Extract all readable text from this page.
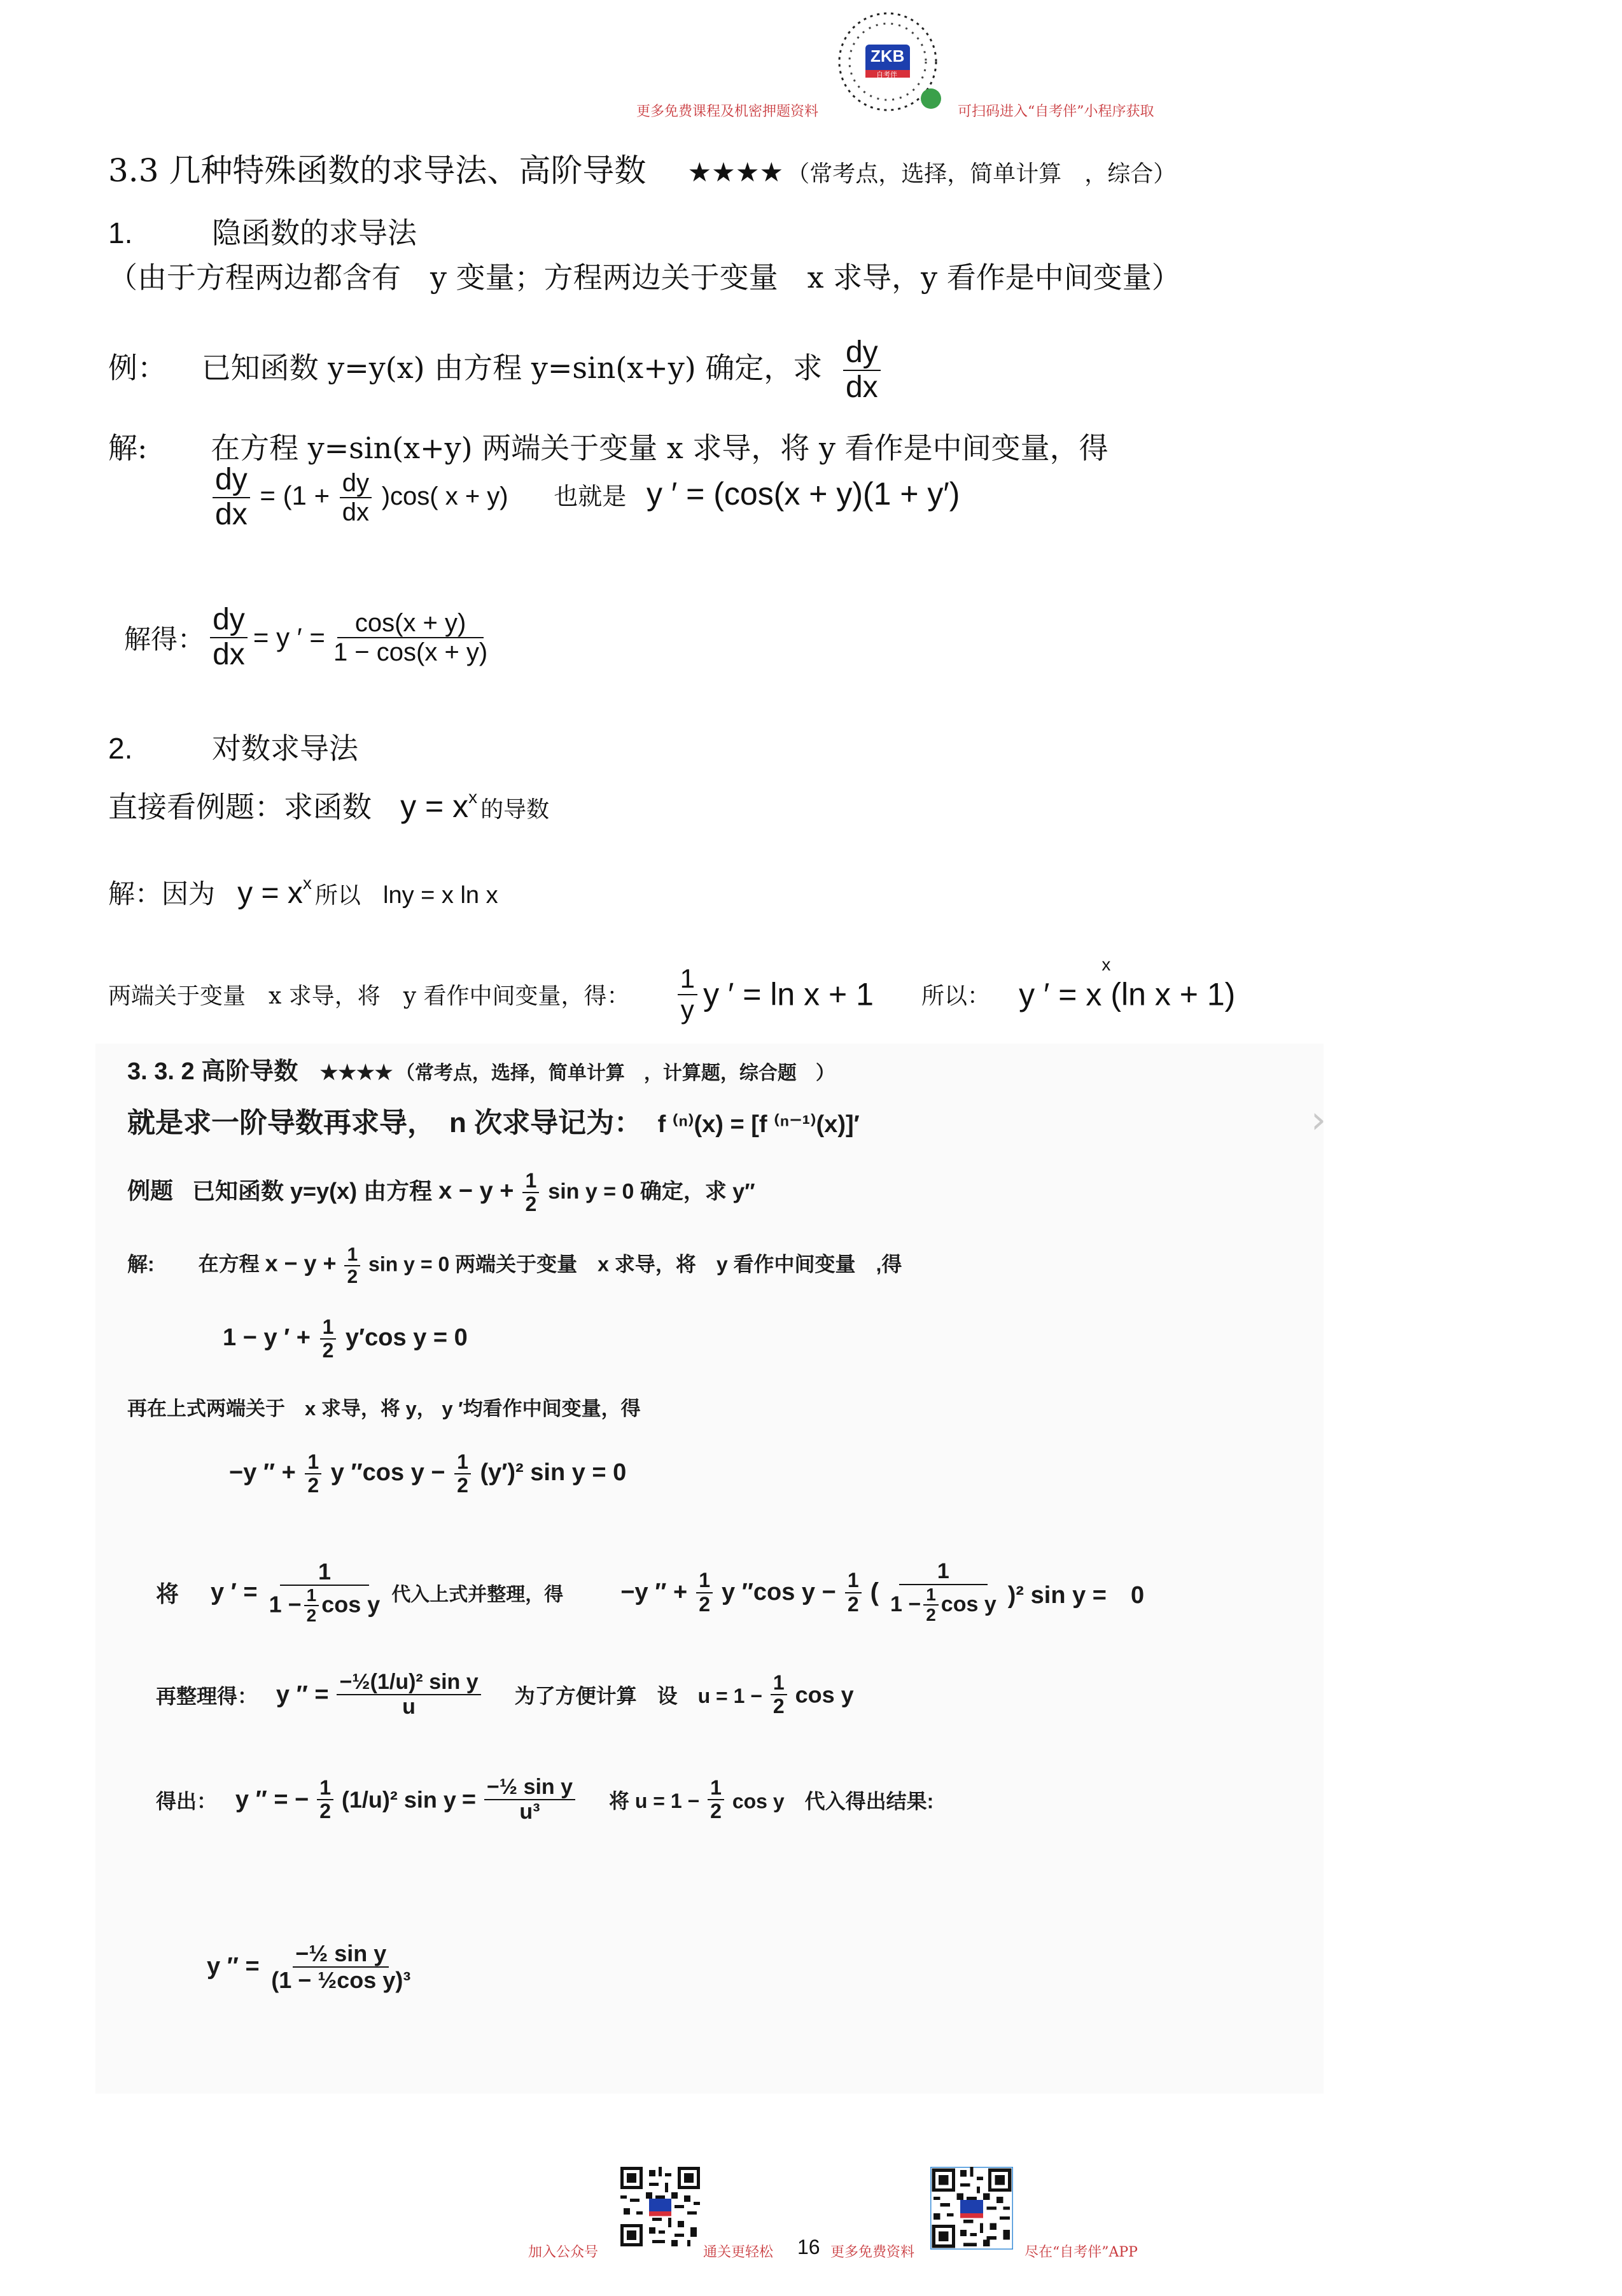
ZKB
自考伴
更多免费课程及机密押题资料	可扫码进入“自考伴”小程序获取
3.3 几种特殊函数的求导法、高阶导数 ★★★★ （常考点，选择，简单计算　，综合）
1.	隐函数的求导法
（由于方程两边都含有　y 变量；方程两边关于变量　x 求导，y 看作是中间变量）
例： 已知函数 y=y(x) 由方程 y=sin(x+y) 确定，求 $\frac{dy}{dx}$
解: 在方程 y=sin(x+y) 两端关于变量 x 求导，将 y 看作是中间变量，得
$\frac{dy}{dx} = (1 + \frac{dy}{dx} )\cos$( x + y) 也就是 y ′ = (cos(x + y)(1 + y′)
解得： $\frac{dy}{dx} = y$ ′ = $\frac{\cos(x + y)}{1 - \cos(x + y)}$
2.	对数求导法
直接看例题：求函数 $y = x^x$ 的导数
解：因为 $y = x^x$ 所以 lny = x ln x
两端关于变量　x 求导，将　y 看作中间变量，得： $\frac{1}{y}$ y ′ = ln x + 1 所以： y ′ = $x^x(\ln$ x + 1)
3. 3. 2 高阶导数 ★★★★ （常考点，选择，简单计算　，计算题，综合题　）
就是求一阶导数再求导，　n 次求导记为： f ⁽ⁿ⁾(x) = [f ⁽ⁿ⁻¹⁾(x)]′	›
例题 已知函数 y=y(x) 由方程 $x - y + \frac{1}{2}$ sin y = 0 确定，求 y″
解: 在方程 $x - y + \frac{1}{2}$ sin y = 0 两端关于变量　x 求导，将　y 看作中间变量　,得
1 − y ′ + $\frac{1}{2} y'\cos$ y = 0
再在上式两端关于　x 求导，将 y， y ′均看作中间变量，得
−y ″ + $\frac{1}{2}$ y ″cos $y - \frac{1}{2} (y')^2$ sin y = 0
将 y ′ = $\frac{1}{1 - \frac{1}{2} \cos y}$ 代入上式并整理，得 −y ″ + $\frac{1}{2}$ y ″cos $y - \frac{1}{2}$ ( $\frac{1}{1 - \frac{1}{2} \cos y} )^2$ sin y =　0
再整理得： y ″ = $\frac{\text{−½(1/u)² sin y}}{u}$ 为了方便计算　设　$u = 1 - \frac{1}{2}$ cos y
得出： y ″ = − $\frac{1}{2} (1/u)^2$ $\sin y = \frac{\text{−½ sin y}}{\text{u³}}$ 将 $u = 1 - \frac{1}{2}$ cos y　代入得出结果:
y ″ = $\frac{\text{−½ sin y}}{\text{(1 − ½cos y)³}}$
加入公众号	通关更轻松 16 更多免费资料	尽在“自考伴”APP
